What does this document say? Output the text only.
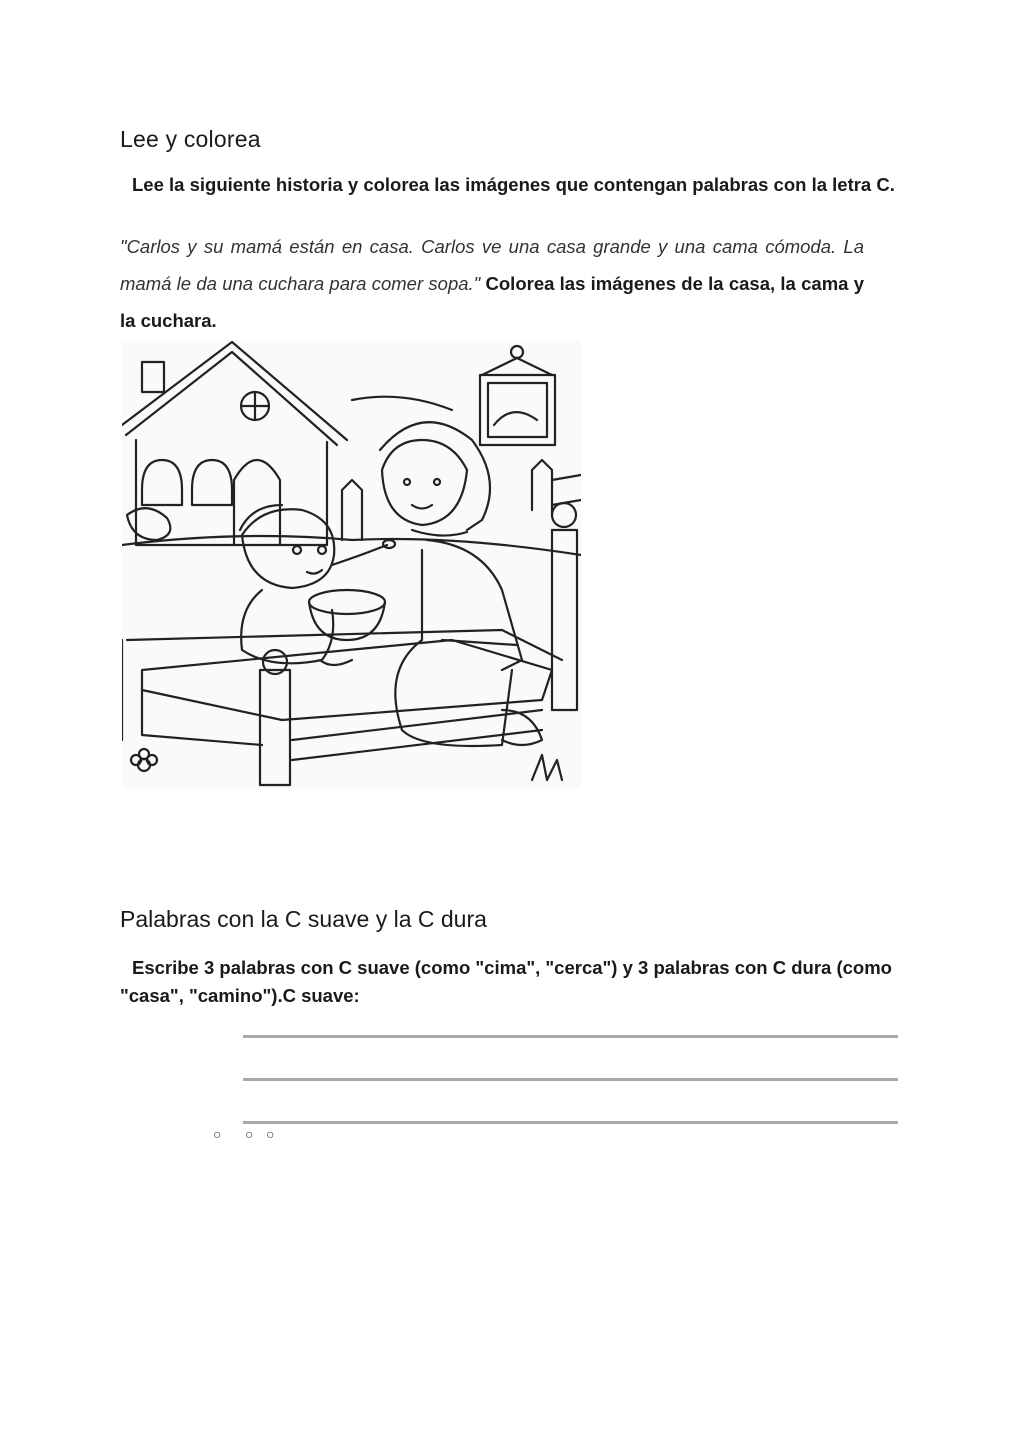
Lee y colorea
Lee la siguiente historia y colorea las imágenes que contengan palabras con la letra C.
"Carlos y su mamá están en casa. Carlos ve una casa grande y una cama cómoda. La mamá le da una cuchara para comer sopa." Colorea las imágenes de la casa, la cama y la cuchara.
Palabras con la C suave y la C dura
Escribe 3 palabras con C suave (como "cima", "cerca") y 3 palabras con C dura (como "casa", "camino").C suave:
○ ○ ○
